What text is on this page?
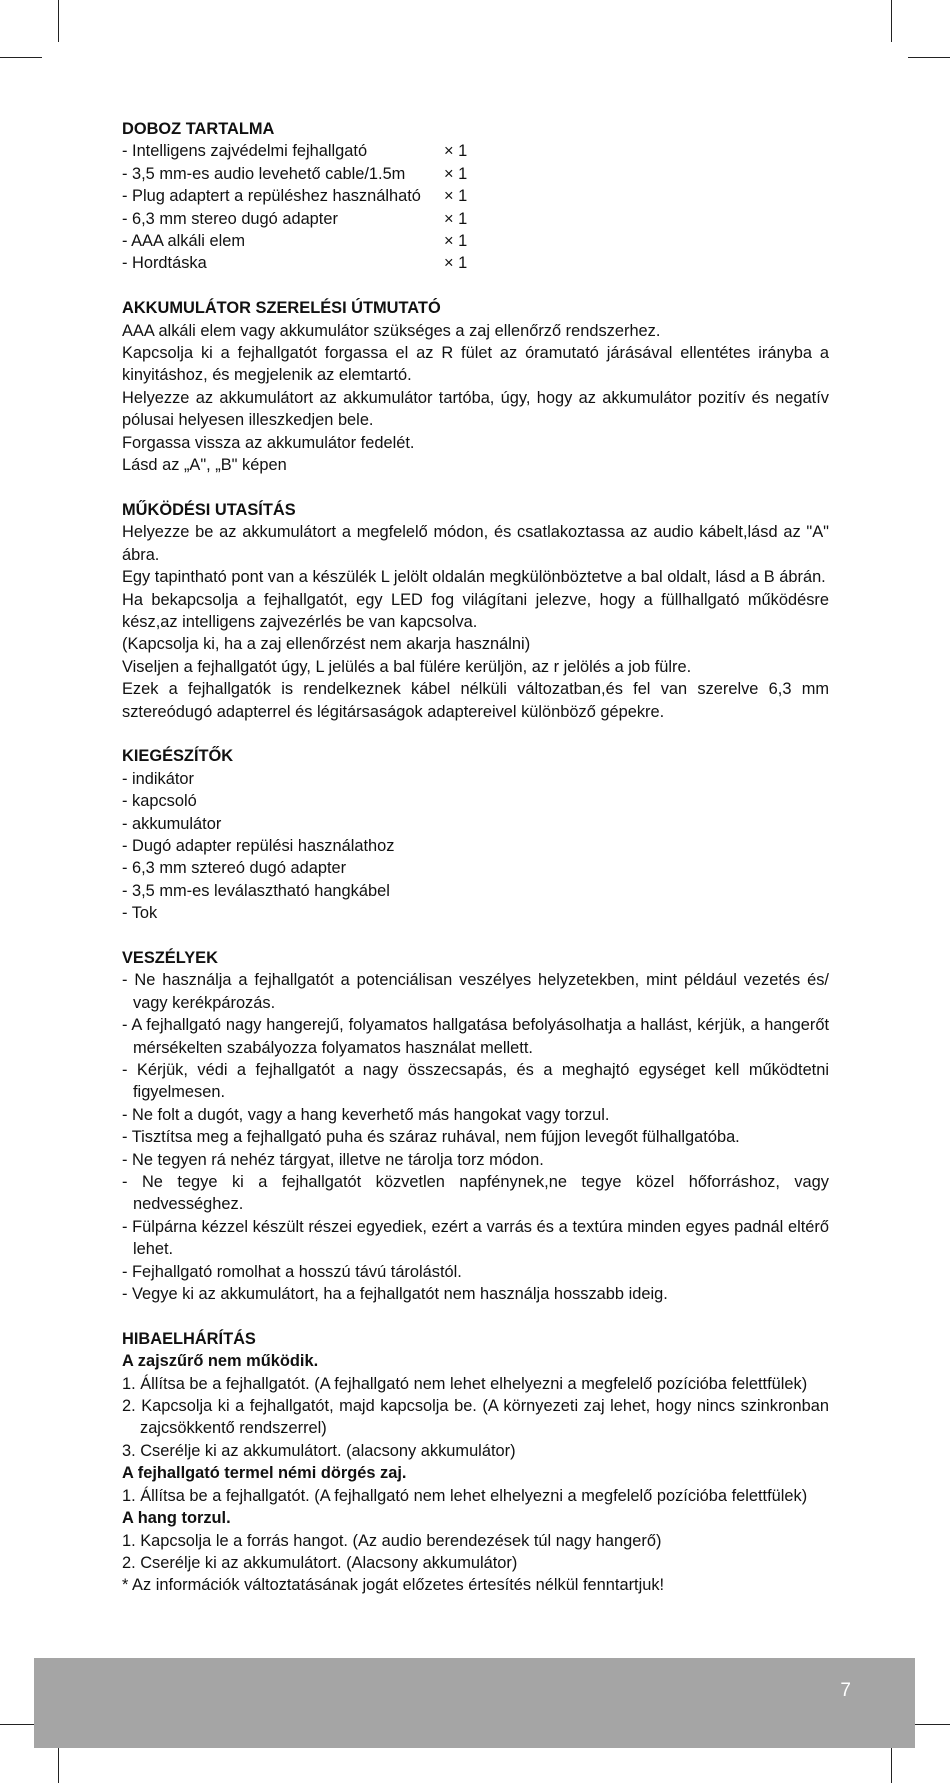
DOBOZ TARTALMA
- Intelligens zajvédelmi fejhallgató	× 1
- 3,5 mm-es audio levehető cable/1.5m	× 1
- Plug adaptert a repüléshez használható	× 1
- 6,3 mm stereo dugó adapter	× 1
- AAA alkáli elem	× 1
- Hordtáska	× 1
AKKUMULÁTOR SZERELÉSI ÚTMUTATÓ

AAA alkáli elem vagy akkumulátor szükséges a zaj ellenőrző rendszerhez.

Kapcsolja ki a fejhallgatót forgassa el az R fület az óramutató járásával ellentétes irányba a kinyitáshoz, és megjelenik az elemtartó.

Helyezze az akkumulátort az akkumulátor tartóba, úgy, hogy az akkumulátor pozitív és negatív pólusai helyesen illeszkedjen bele.

Forgassa vissza az akkumulátor fedelét.

Lásd az „A", „B" képen

MŰKÖDÉSI UTASÍTÁS

Helyezze be az akkumulátort a megfelelő módon, és csatlakoztassa az audio kábelt,lásd az "A" ábra.

Egy tapintható pont van a készülék L jelölt oldalán megkülönböztetve a bal oldalt, lásd a B ábrán.

Ha bekapcsolja a fejhallgatót, egy LED fog világítani jelezve, hogy a füllhallgató működésre kész,az intelligens zajvezérlés be van kapcsolva.

(Kapcsolja ki, ha a zaj ellenőrzést nem akarja használni)

Viseljen a fejhallgatót úgy, L jelülés a bal fülére kerüljön, az r jelölés a job fülre.

Ezek a fejhallgatók is rendelkeznek kábel nélküli változatban,és fel van szerelve 6,3 mm sztereódugó adapterrel és légitársaságok adaptereivel különböző gépekre.

KIEGÉSZÍTŐK
- indikátor
- kapcsoló
- akkumulátor
- Dugó adapter repülési használathoz
- 6,3 mm sztereó dugó adapter
- 3,5 mm-es leválasztható hangkábel
- Tok
VESZÉLYEK
- Ne használja a fejhallgatót a potenciálisan veszélyes helyzetekben, mint például vezetés és/ vagy kerékpározás.
- A fejhallgató nagy hangerejű, folyamatos hallgatása befolyásolhatja a hallást, kérjük, a hangerőt mérsékelten szabályozza folyamatos használat mellett.
- Kérjük, védi a fejhallgatót a nagy összecsapás, és a meghajtó egységet kell működtetni figyelmesen.
- Ne folt a dugót, vagy a hang keverhető más hangokat vagy torzul.
- Tisztítsa meg a fejhallgató puha és száraz ruhával, nem fújjon levegőt fülhallgatóba.
- Ne tegyen rá nehéz tárgyat, illetve ne tárolja torz módon.
- Ne tegye ki a fejhallgatót közvetlen napfénynek,ne tegye közel hőforráshoz, vagy nedvességhez.
- Fülpárna kézzel készült részei egyediek, ezért a varrás és a textúra minden egyes padnál eltérő lehet.
- Fejhallgató romolhat a hosszú távú tárolástól.
- Vegye ki az akkumulátort, ha a fejhallgatót nem használja hosszabb ideig.
HIBAELHÁRÍTÁS
A zajszűrő nem működik.
1. Állítsa be a fejhallgatót. (A fejhallgató nem lehet elhelyezni a megfelelő pozícióba felettfülek)
2. Kapcsolja ki a fejhallgatót, majd kapcsolja be. (A környezeti zaj lehet, hogy nincs szinkronban zajcsökkentő rendszerrel)
3. Cserélje ki az akkumulátort. (alacsony akkumulátor)
A fejhallgató termel némi dörgés zaj.
1. Állítsa be a fejhallgatót. (A fejhallgató nem lehet elhelyezni a megfelelő pozícióba felettfülek)
A hang torzul.
1. Kapcsolja le a forrás hangot. (Az audio berendezések túl nagy hangerő)
2. Cserélje ki az akkumulátort. (Alacsony akkumulátor)
* Az információk változtatásának jogát előzetes értesítés nélkül fenntartjuk!
7
